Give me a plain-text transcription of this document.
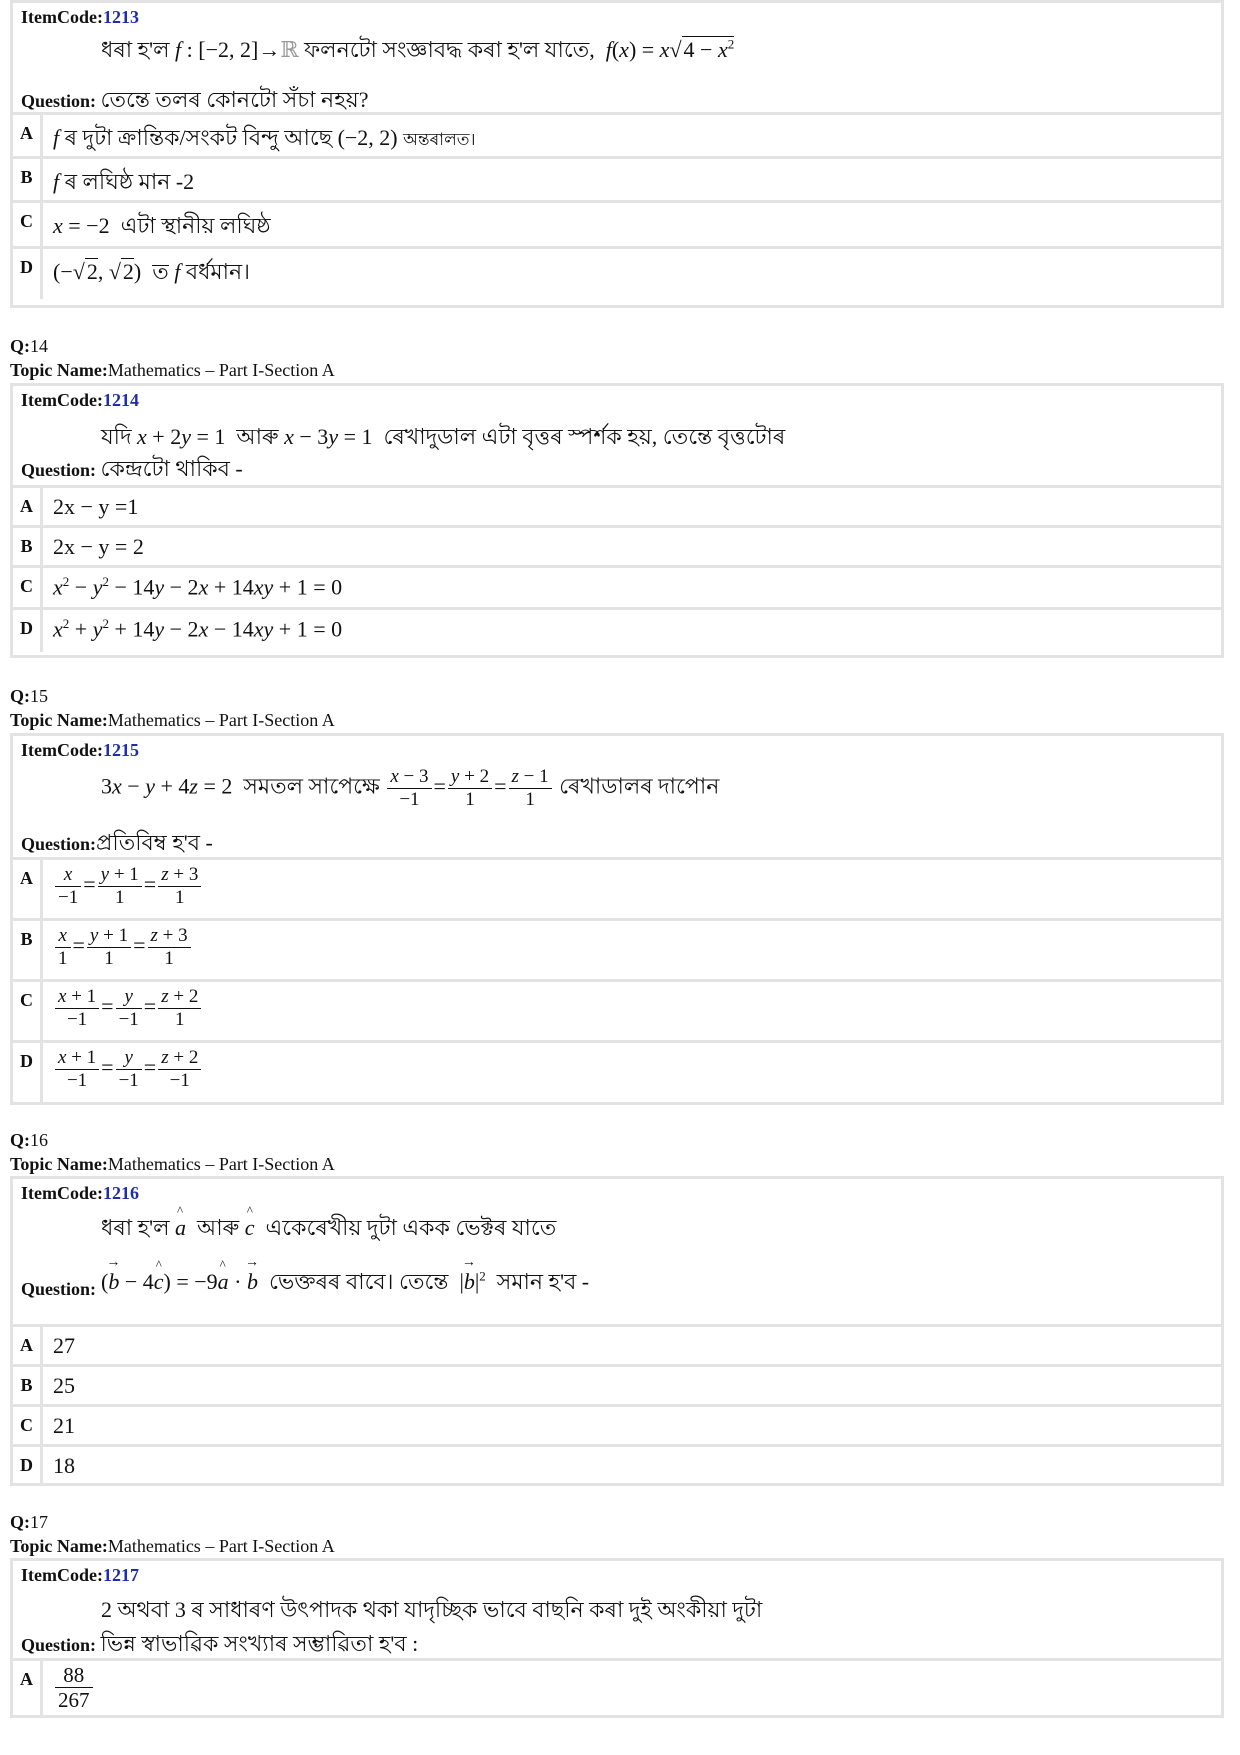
ItemCode:1213
ধৰা হ'ল f : [−2, 2]→ℝ ফলনটো সংজ্ঞাবদ্ধ কৰা হ'ল যাতে,  $f(x) = x√4 - x^2$
Question: তেন্তে তলৰ কোনটো সঁচা নহয়?
A f ৰ দুটা ক্রান্তিক/সংকট বিন্দু আছে (−2, 2) অন্তৰালত।
B f ৰ লঘিষ্ঠ মান -2
C x = −2  এটা স্থানীয় লঘিষ্ঠ
D (−√2, √2)  ত f বৰ্ধমান।
Q:14
Topic Name:Mathematics – Part I-Section A
ItemCode:1214
যদি x + 2y = 1  আৰু x − 3y = 1  ৰেখাদুডাল এটা বৃত্তৰ স্পৰ্শক হয়, তেন্তে বৃত্তটোৰ
Question: কেন্দ্ৰটো থাকিব -
A 2x − y =1
B 2x − y = 2
C $x^2 - y^2 - 14y - 2x + 14xy + 1 = 0$
D $x^2 + y^2 + 14y - 2x - 14xy + 1 = 0$
Q:15
Topic Name:Mathematics – Part I-Section A
ItemCode:1215
3x − y + 4z = 2  সমতল সাপেক্ষে $\frac{x - 3}{-1} = \frac{y + 2}{1} = \frac{z - 1}{1}$ ৰেখাডালৰ দাপোন
Question:প্ৰতিবিম্ব হ'ব -
A	$\frac{x}{-1} = \frac{y + 1}{1} = \frac{z + 3}{1}$
B	$\frac{x}{1} = \frac{y + 1}{1} = \frac{z + 3}{1}$
C	$\frac{x + 1}{-1} = \frac{y}{-1} = \frac{z + 2}{1}$
D	$\frac{x + 1}{-1} = \frac{y}{-1} = \frac{z + 2}{-1}$
Q:16
Topic Name:Mathematics – Part I-Section A
ItemCode:1216
ধৰা হ'ল ^ a  আৰু ^ c  একেৰেখীয় দুটা একক ভেক্টৰ যাতে
Question: (→ b − 4^ c) = −9^ a · → b  ভেক্তৰৰ বাবে। তেন্তে  |→ $b|^2$  সমান হ'ব -
A 27
B 25
C 21
D 18
Q:17
Topic Name:Mathematics – Part I-Section A
ItemCode:1217
2 অথবা 3 ৰ সাধাৰণ উৎপাদক থকা যাদৃচ্ছিক ভাবে বাছনি কৰা দুই অংকীয়া দুটা
Question: ভিন্ন স্বাভাৱিক সংখ্যাৰ সম্ভাৱিতা হ'ব :
A	$\frac{88}{267}$
